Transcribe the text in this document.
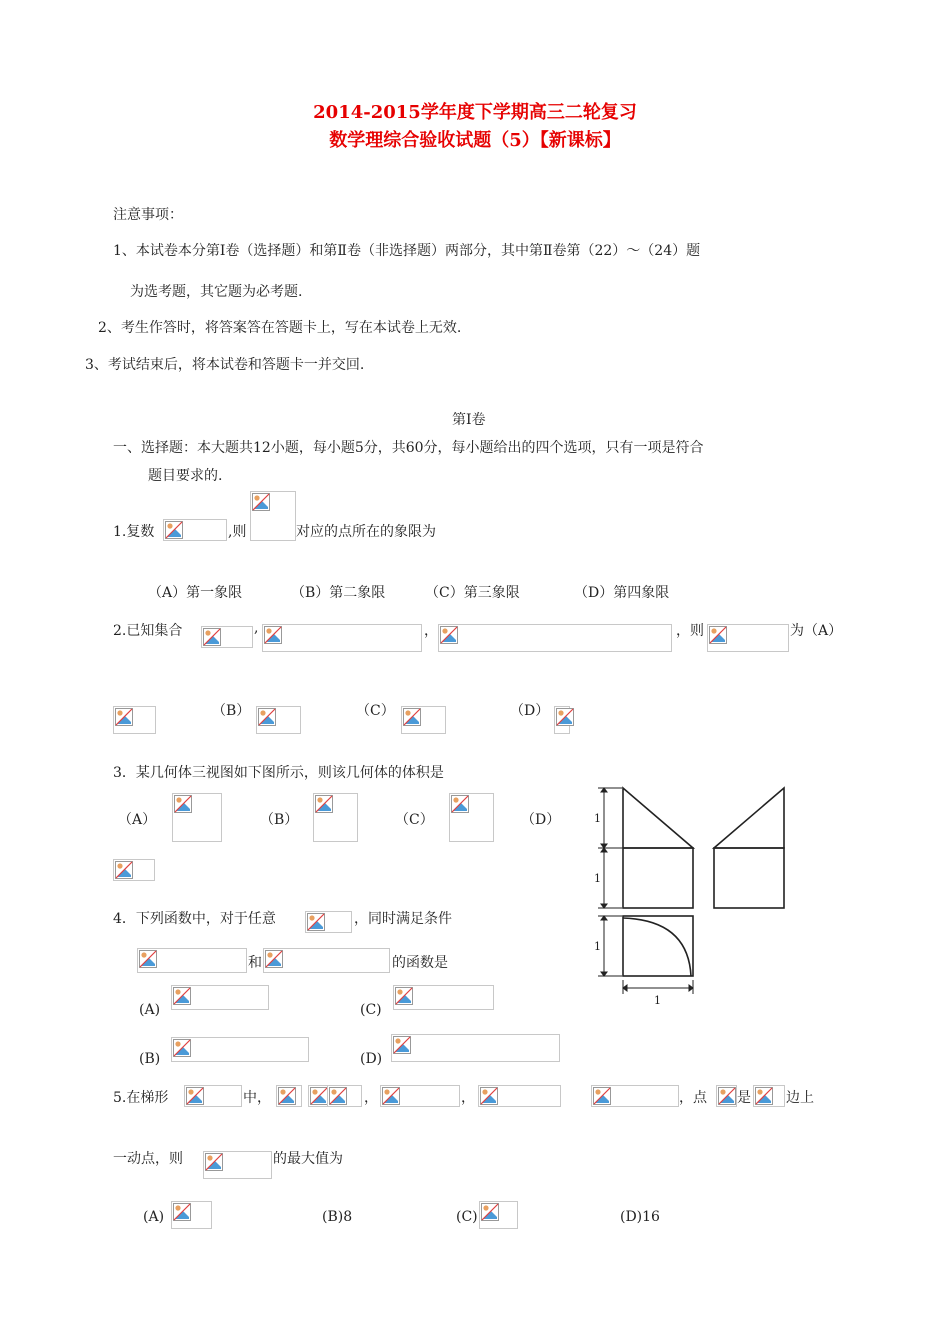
2014-2015学年度下学期高三二轮复习
数学理综合验收试题（5）【新课标】
注意事项：
1、本试卷本分第Ⅰ卷（选择题）和第Ⅱ卷（非选择题）两部分，其中第Ⅱ卷第（22）～（24）题
为选考题，其它题为必考题.
2、考生作答时，将答案答在答题卡上，写在本试卷上无效.
3、考试结束后，将本试卷和答题卡一并交回.
第Ⅰ卷
一、选择题：本大题共12小题，每小题5分，共60分，每小题给出的四个选项，只有一项是符合
题目要求的.
1.复数	,则	对应的点所在的象限为
（A）第一象限	（B）第二象限	（C）第三象限	（D）第四象限
2.已知集合	,	，	，则	为（A）
（B）	（C）	（D）
3．某几何体三视图如下图所示，则该几何体的体积是
（A）	（B）	（C）	（D）	1
1
1
1
4．下列函数中，对于任意	，同时满足条件
和	的函数是
(A)	(C)
(B)	(D)
5.在梯形	中，	，	，	，点 是	边上
一动点，则	的最大值为
(A)	(B)8	(C)	(D)16
